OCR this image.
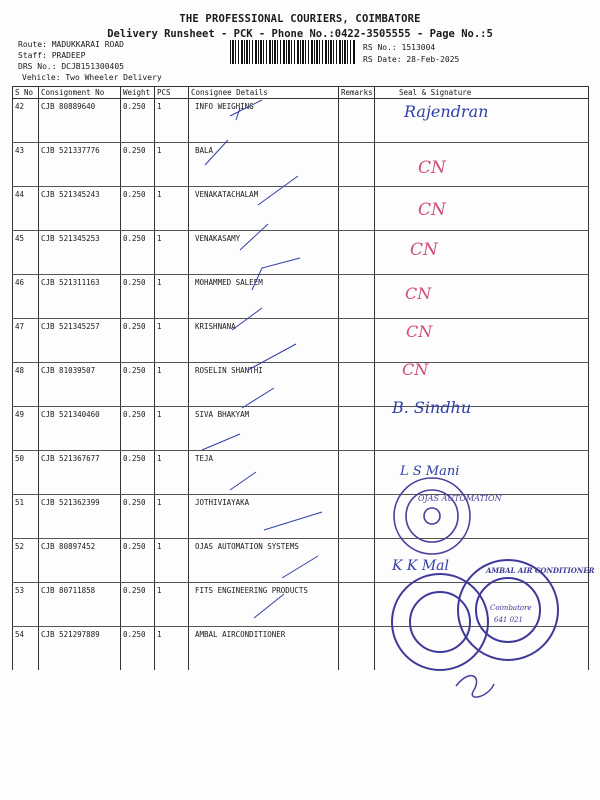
THE PROFESSIONAL COURIERS, COIMBATORE
Delivery Runsheet - PCK - Phone No.:0422-3505555 - Page No.:5
Route: MADUKKARAI ROAD
Staff: PRADEEP
DRS No.: DCJB151300405
Vehicle: Two Wheeler Delivery
RS No.: 1513004
RS Date: 28-Feb-2025
S No	Consignment No	Weight	PCS	Consignee Details	Remarks	Seal & Signature
42	CJB 80889640	0.250	1	INFO WEIGHING		
43	CJB 521337776	0.250	1	BALA		
44	CJB 521345243	0.250	1	VENAKATACHALAM		
45	CJB 521345253	0.250	1	VENAKASAMY		
46	CJB 521311163	0.250	1	MOHAMMED SALEEM		
47	CJB 521345257	0.250	1	KRISHNANA		
48	CJB 81039507	0.250	1	ROSELIN SHANTHI		
49	CJB 521340460	0.250	1	SIVA BHAKYAM		
50	CJB 521367677	0.250	1	TEJA		
51	CJB 521362399	0.250	1	JOTHIVIAYAKA		
52	CJB 80897452	0.250	1	OJAS AUTOMATION SYSTEMS		
53	CJB 80711858	0.250	1	FITS ENGINEERING PRODUCTS		
54	CJB 521297889	0.250	1	AMBAL AIRCONDITIONER		
Rajendran
CN
CN
CN
CN
CN
CN
B. Sindhu
L S Mani
OJAS AUTOMATION
K K Mal	AMBAL AIR CONDITIONER
Coimbatore
641 021
